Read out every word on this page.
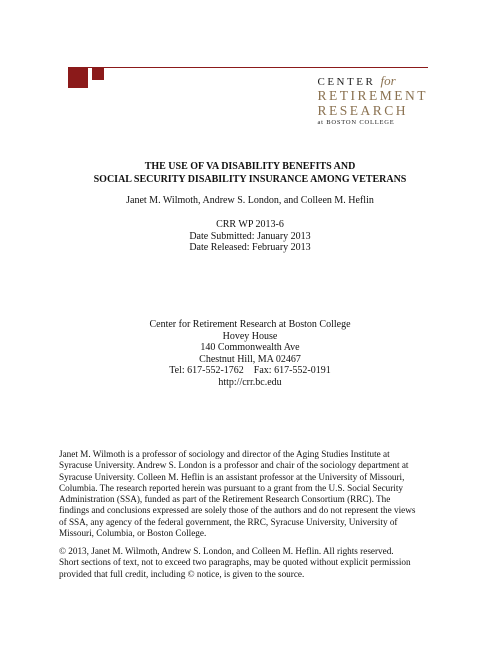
CENTER for
RETIREMENT
RESEARCH
at BOSTON COLLEGE
THE USE OF VA DISABILITY BENEFITS AND
SOCIAL SECURITY DISABILITY INSURANCE AMONG VETERANS
Janet M. Wilmoth, Andrew S. London, and Colleen M. Heflin
CRR WP 2013-6
Date Submitted: January 2013
Date Released: February 2013
Center for Retirement Research at Boston College
Hovey House
140 Commonwealth Ave
Chestnut Hill, MA 02467
Tel: 617-552-1762    Fax: 617-552-0191
http://crr.bc.edu
Janet M. Wilmoth is a professor of sociology and director of the Aging Studies Institute at
Syracuse University. Andrew S. London is a professor and chair of the sociology department at
Syracuse University. Colleen M. Heflin is an assistant professor at the University of Missouri,
Columbia. The research reported herein was pursuant to a grant from the U.S. Social Security
Administration (SSA), funded as part of the Retirement Research Consortium (RRC). The
findings and conclusions expressed are solely those of the authors and do not represent the views
of SSA, any agency of the federal government, the RRC, Syracuse University, University of
Missouri, Columbia, or Boston College.
© 2013, Janet M. Wilmoth, Andrew S. London, and Colleen M. Heflin. All rights reserved.
Short sections of text, not to exceed two paragraphs, may be quoted without explicit permission
provided that full credit, including © notice, is given to the source.
